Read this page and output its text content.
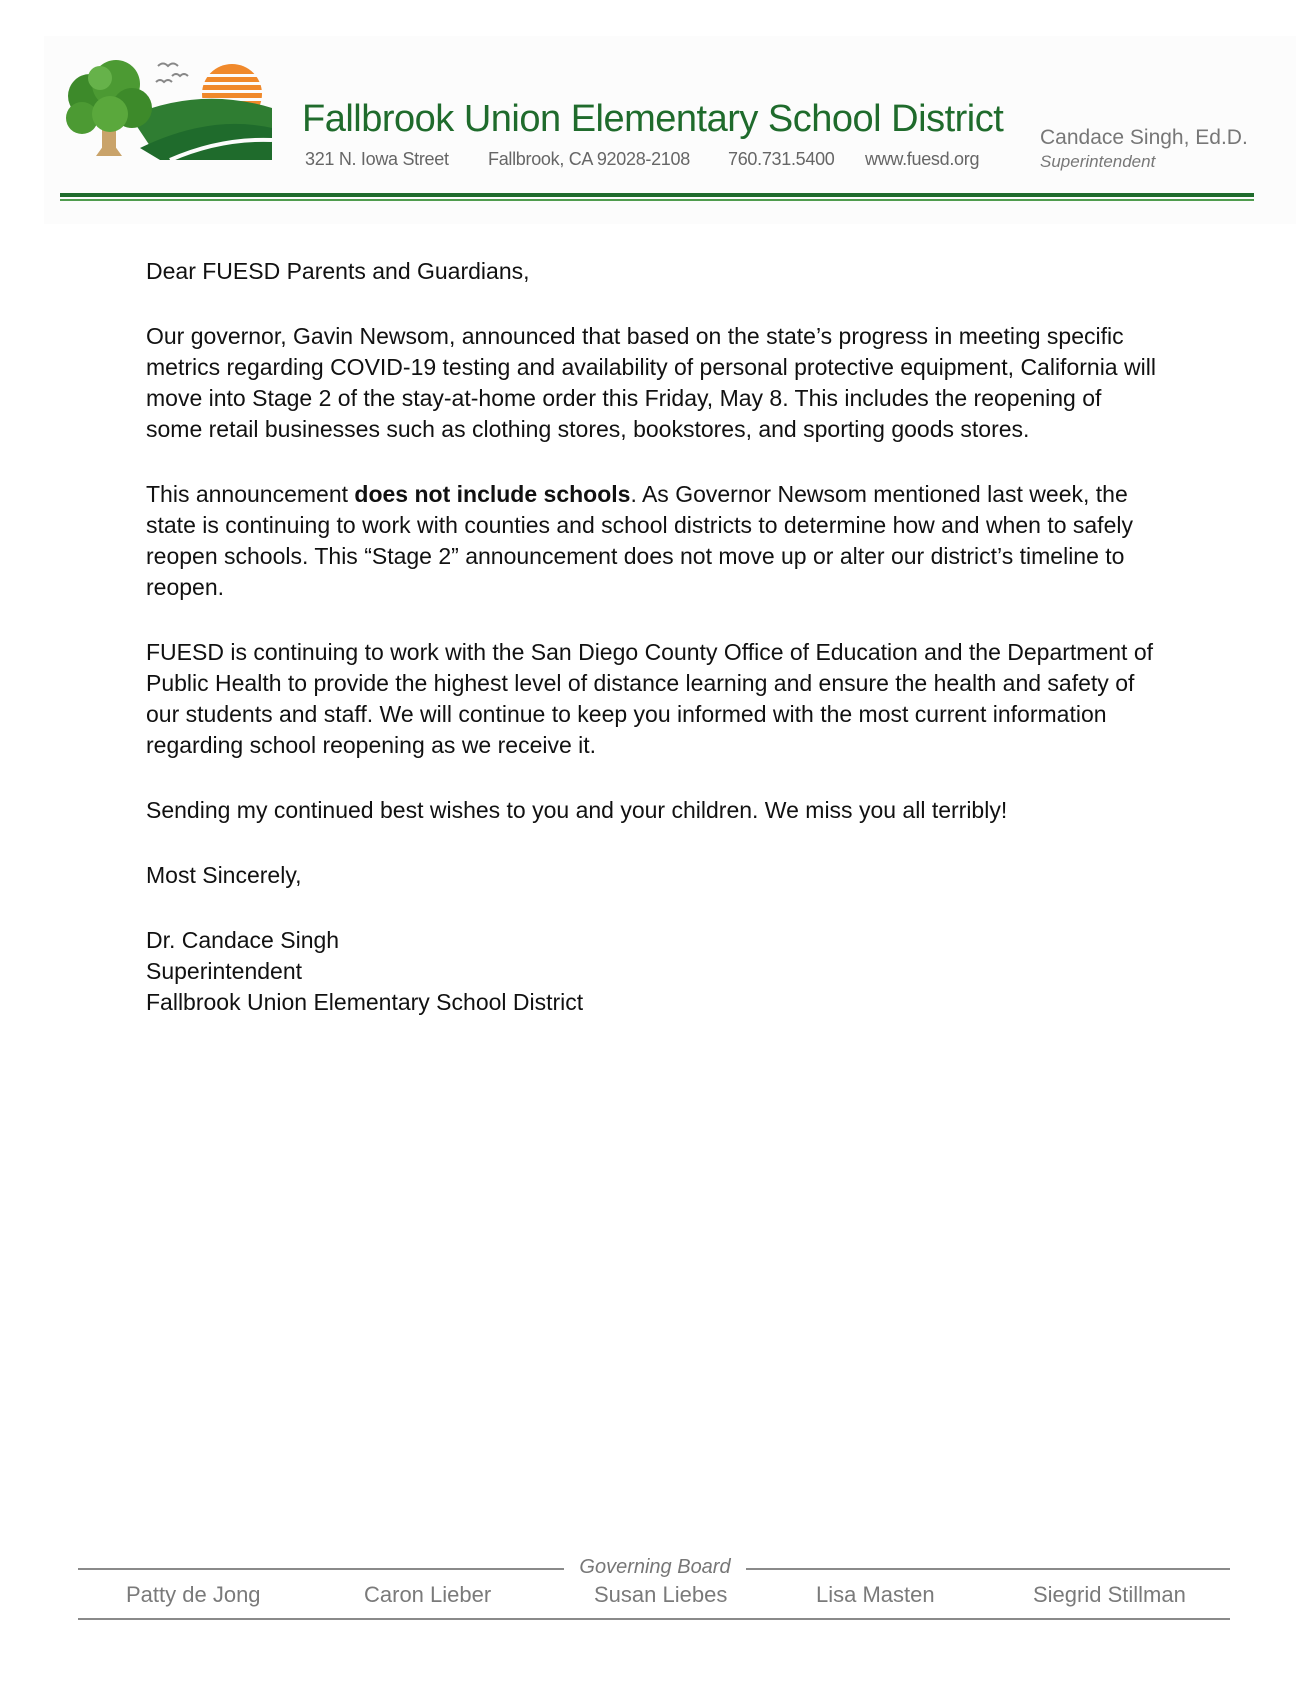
Fallbrook Union Elementary School District
321 N. Iowa Street Fallbrook, CA 92028-2108 760.731.5400 www.fuesd.org
Candace Singh, Ed.D.
Superintendent

Dear FUESD Parents and Guardians,

Our governor, Gavin Newsom, announced that based on the state’s progress in meeting specific metrics regarding COVID-19 testing and availability of personal protective equipment, California will move into Stage 2 of the stay-at-home order this Friday, May 8. This includes the reopening of some retail businesses such as clothing stores, bookstores, and sporting goods stores.

This announcement does not include schools. As Governor Newsom mentioned last week, the state is continuing to work with counties and school districts to determine how and when to safely reopen schools. This “Stage 2” announcement does not move up or alter our district’s timeline to reopen.

FUESD is continuing to work with the San Diego County Office of Education and the Department of Public Health to provide the highest level of distance learning and ensure the health and safety of our students and staff. We will continue to keep you informed with the most current information regarding school reopening as we receive it.

Sending my continued best wishes to you and your children. We miss you all terribly!

Most Sincerely,

Dr. Candace Singh

Superintendent

Fallbrook Union Elementary School District

Governing Board
Patty de Jong	Caron Lieber	Susan Liebes	Lisa Masten	Siegrid Stillman
